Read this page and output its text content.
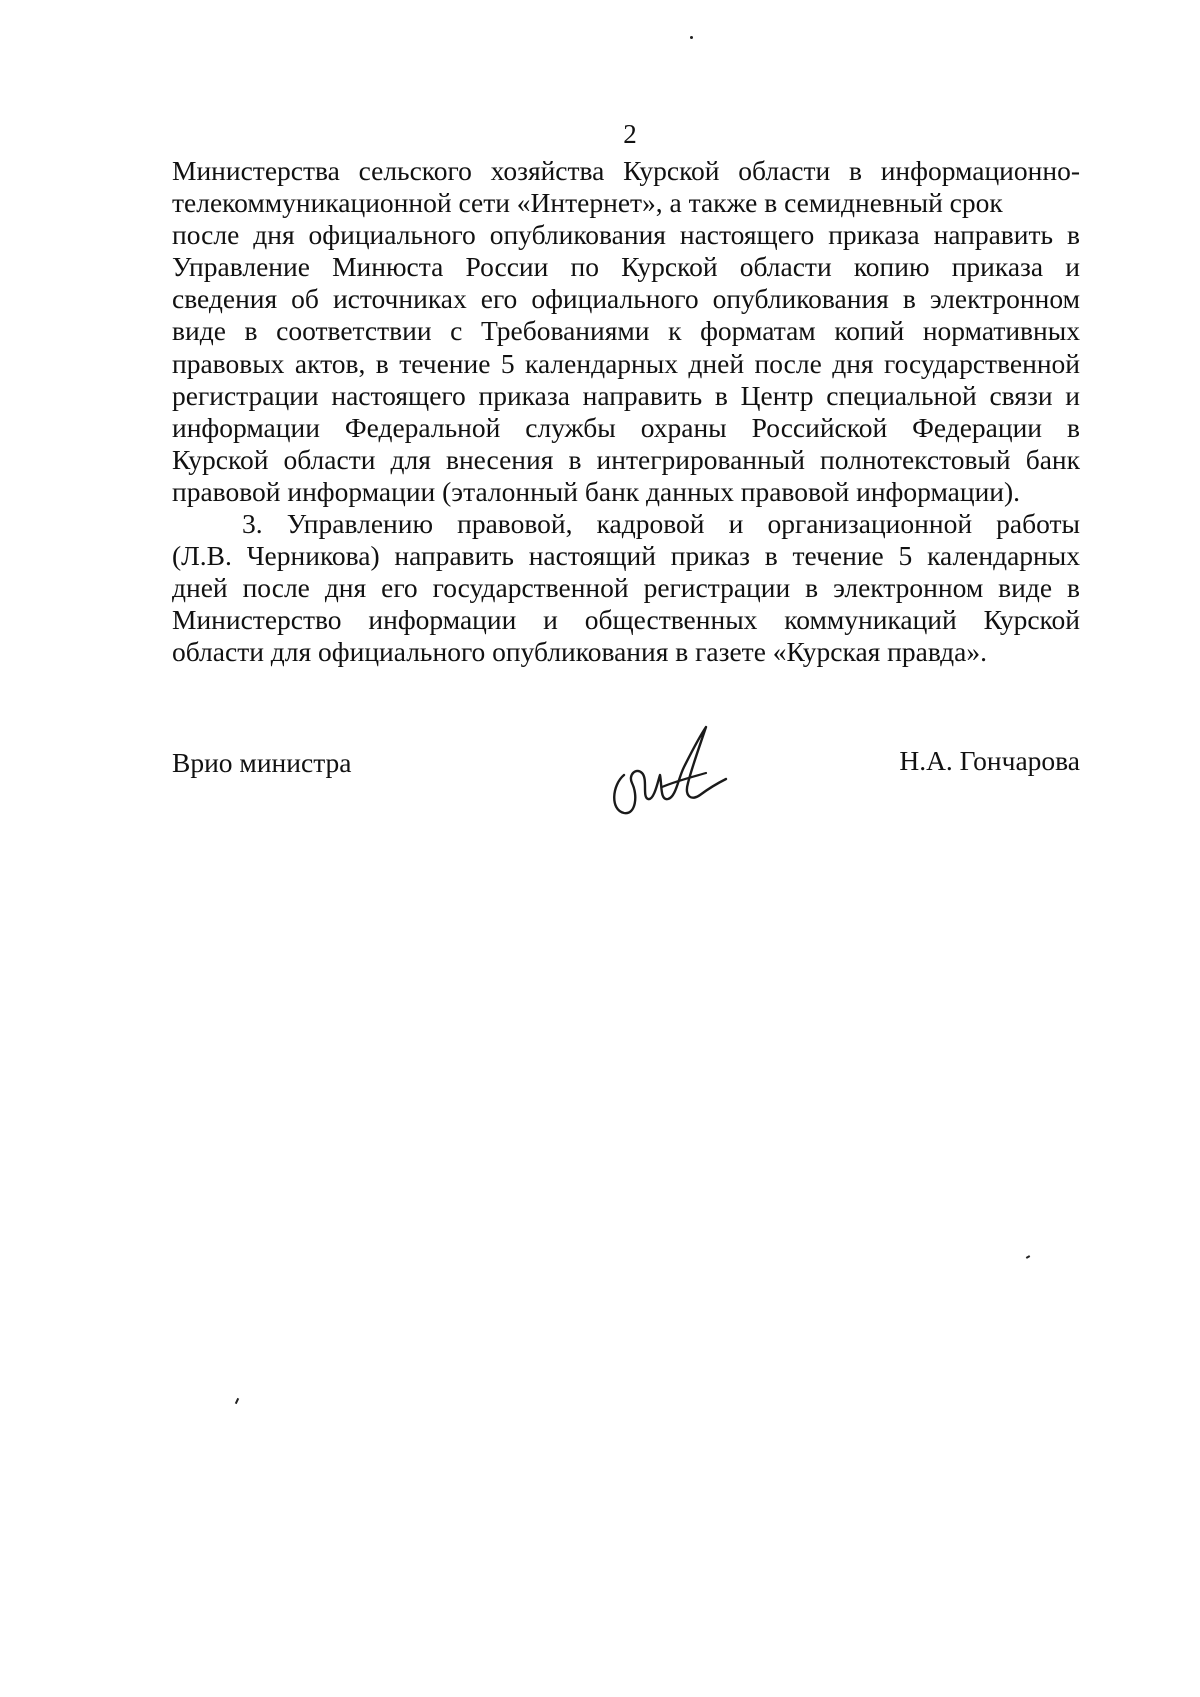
2

Министерства сельского хозяйства Курской области в информационно-
телекоммуникационной сети «Интернет», а также в семидневный срок
после дня официального опубликования настоящего приказа направить в
Управление Минюста России по Курской области копию приказа и
сведения об источниках его официального опубликования в электронном
виде в соответствии с Требованиями к форматам копий нормативных
правовых актов, в течение 5 календарных дней после дня государственной
регистрации настоящего приказа направить в Центр специальной связи и
информации Федеральной службы охраны Российской Федерации в
Курской области для внесения в интегрированный полнотекстовый банк
правовой информации (эталонный банк данных правовой информации).

3. Управлению правовой, кадровой и организационной работы
(Л.В. Черникова) направить настоящий приказ в течение 5 календарных
дней после дня его государственной регистрации в электронном виде в
Министерство информации и общественных коммуникаций Курской
области для официального опубликования в газете «Курская правда».

Врио министра	Н.А. Гончарова
